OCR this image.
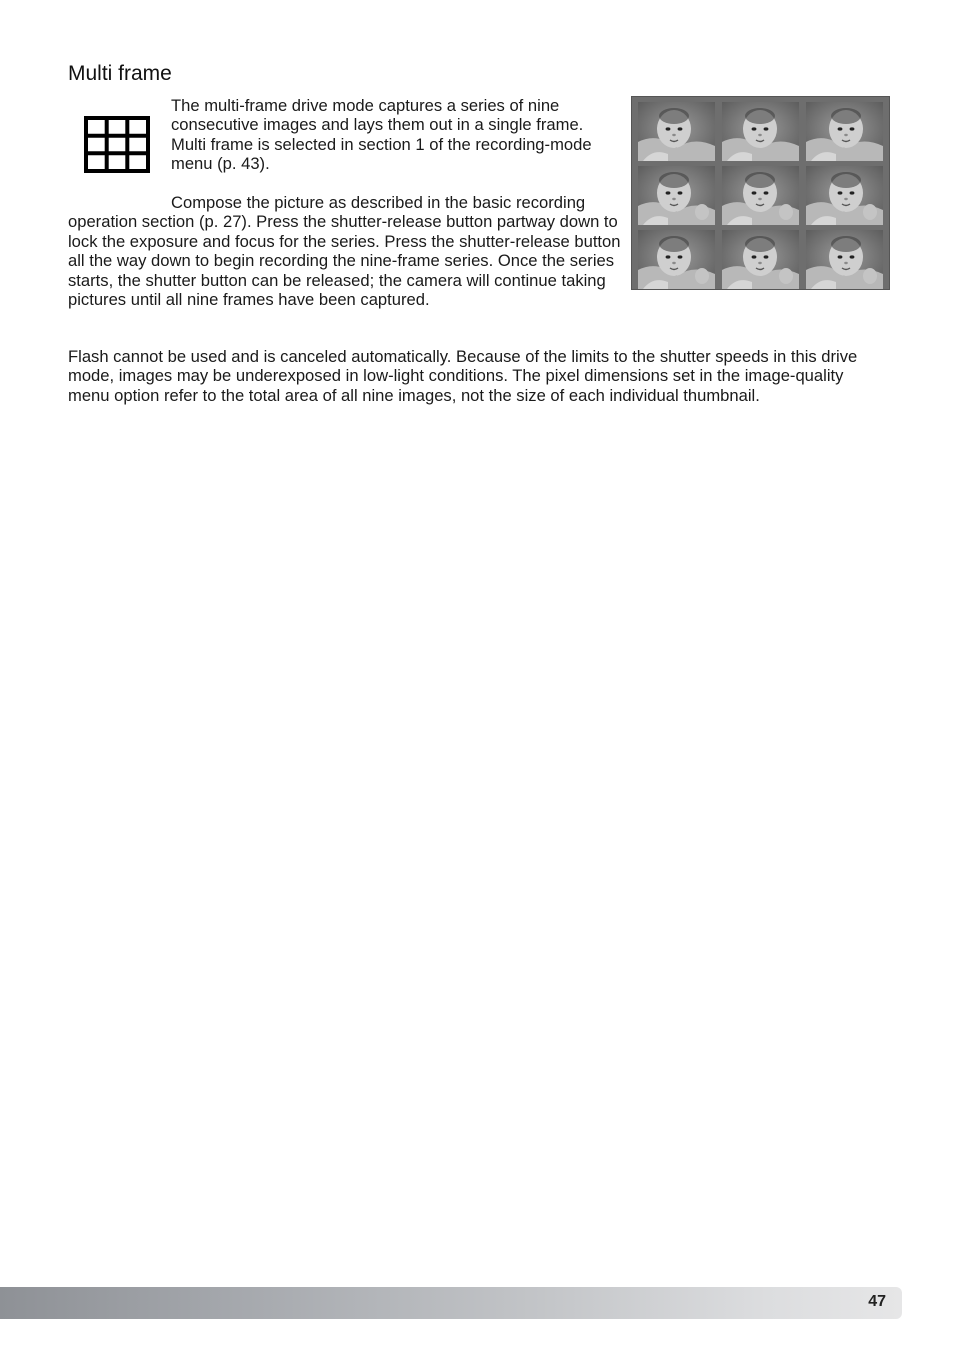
Multi frame

The multi-frame drive mode captures a series of nine consecutive images and lays them out in a single frame. Multi frame is selected in section 1 of the recording-mode menu (p. 43).

Compose the picture as described in the basic recording operation section (p. 27). Press the shutter-release button partway down to lock the exposure and focus for the series. Press the shutter-release button all the way down to begin recording the nine-frame series. Once the series starts, the shutter button can be released; the camera will continue taking pictures until all nine frames have been captured.

Flash cannot be used and is canceled automatically. Because of the limits to the shutter speeds in this drive mode, images may be underexposed in low-light conditions. The pixel dimensions set in the image-quality menu option refer to the total area of all nine images, not the size of each individual thumbnail.

47
